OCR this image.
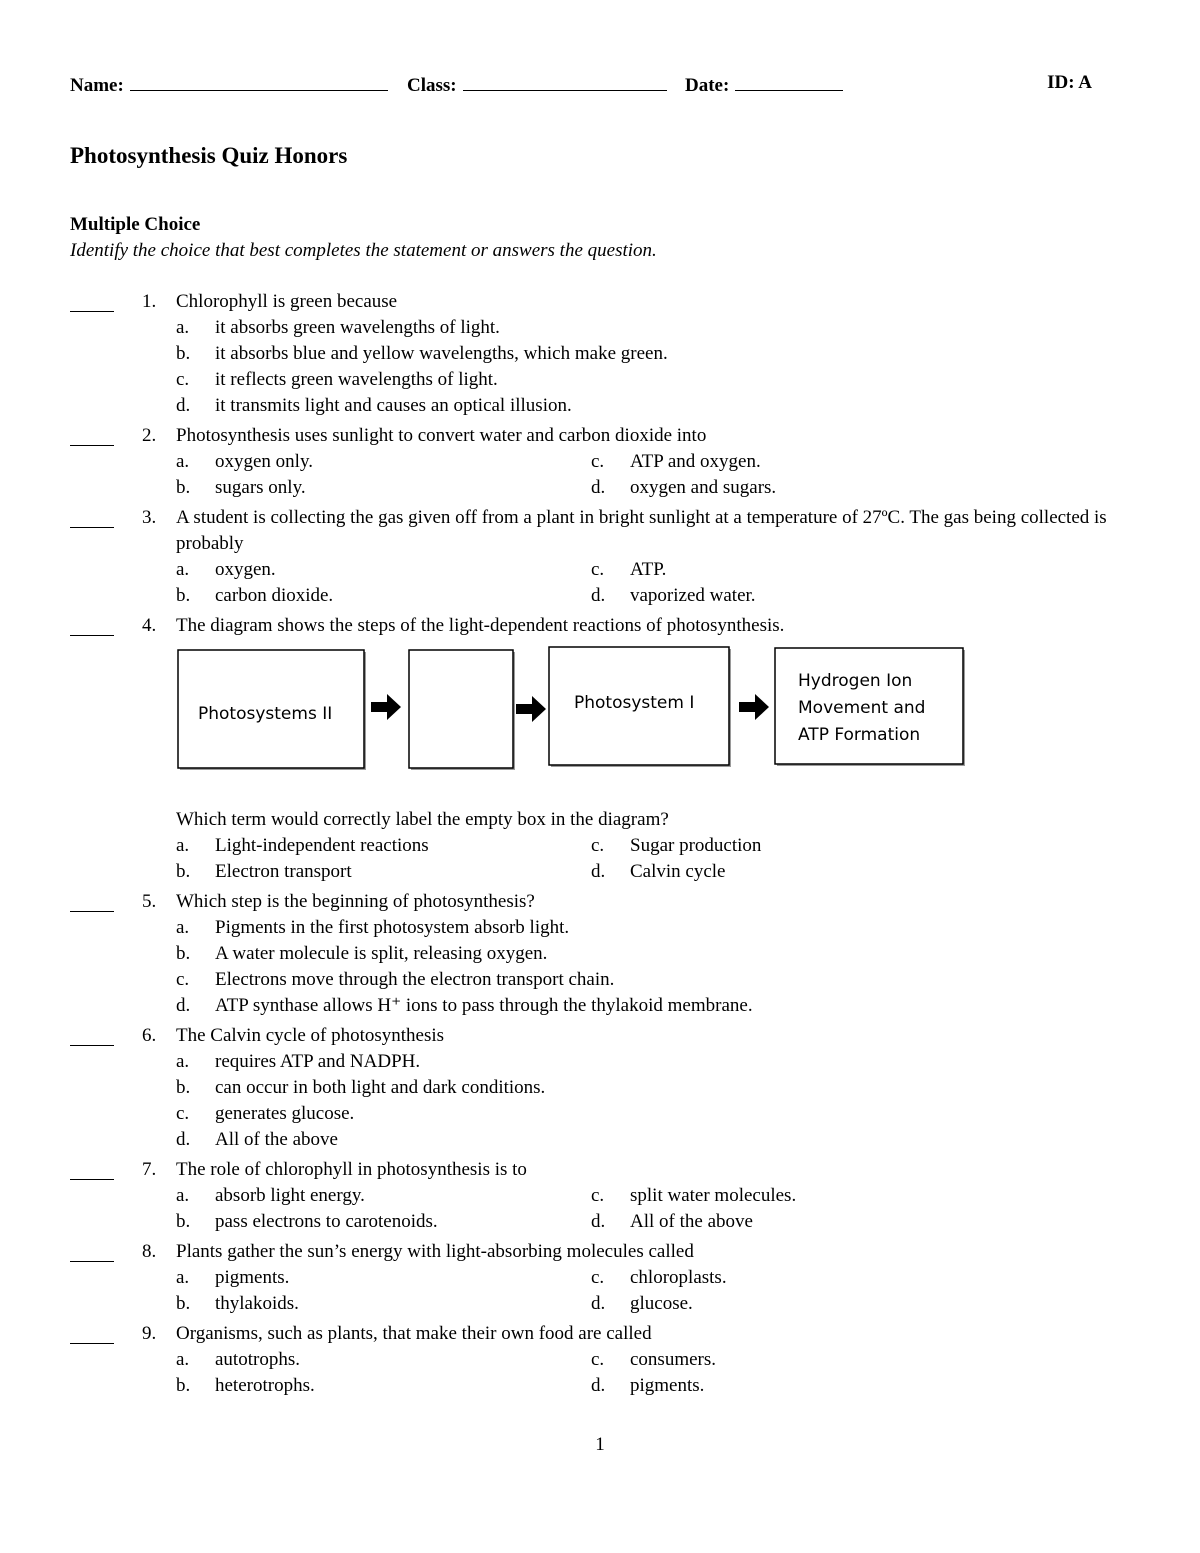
Name:	Class:	Date:	ID: A
Photosynthesis Quiz Honors
Multiple Choice

Identify the choice that best completes the statement or answers the question.

1. Chlorophyll is green because

a. it absorbs green wavelengths of light.
b. it absorbs blue and yellow wavelengths, which make green.
c. it reflects green wavelengths of light.
d. it transmits light and causes an optical illusion.
2. Photosynthesis uses sunlight to convert water and carbon dioxide into

a. oxygen only.	c. ATP and oxygen.
b. sugars only.	d. oxygen and sugars.
3. A student is collecting the gas given off from a plant in bright sunlight at a temperature of 27ºC. The gas being collected is probably

a. oxygen.	c. ATP.
b. carbon dioxide.	d. vaporized water.
4. The diagram shows the steps of the light-dependent reactions of photosynthesis.

Photosystems II
Photosystem I
Hydrogen Ion
Movement and
ATP Formation

Which term would correctly label the empty box in the diagram?

a. Light-independent reactions	c. Sugar production
b. Electron transport	d. Calvin cycle
5. Which step is the beginning of photosynthesis?

a. Pigments in the first photosystem absorb light.
b. A water molecule is split, releasing oxygen.
c. Electrons move through the electron transport chain.
d. ATP synthase allows H⁺ ions to pass through the thylakoid membrane.
6. The Calvin cycle of photosynthesis

a. requires ATP and NADPH.
b. can occur in both light and dark conditions.
c. generates glucose.
d. All of the above
7. The role of chlorophyll in photosynthesis is to

a. absorb light energy.	c. split water molecules.
b. pass electrons to carotenoids.	d. All of the above
8. Plants gather the sun’s energy with light-absorbing molecules called

a. pigments.	c. chloroplasts.
b. thylakoids.	d. glucose.
9. Organisms, such as plants, that make their own food are called

a. autotrophs.	c. consumers.
b. heterotrophs.	d. pigments.
1
